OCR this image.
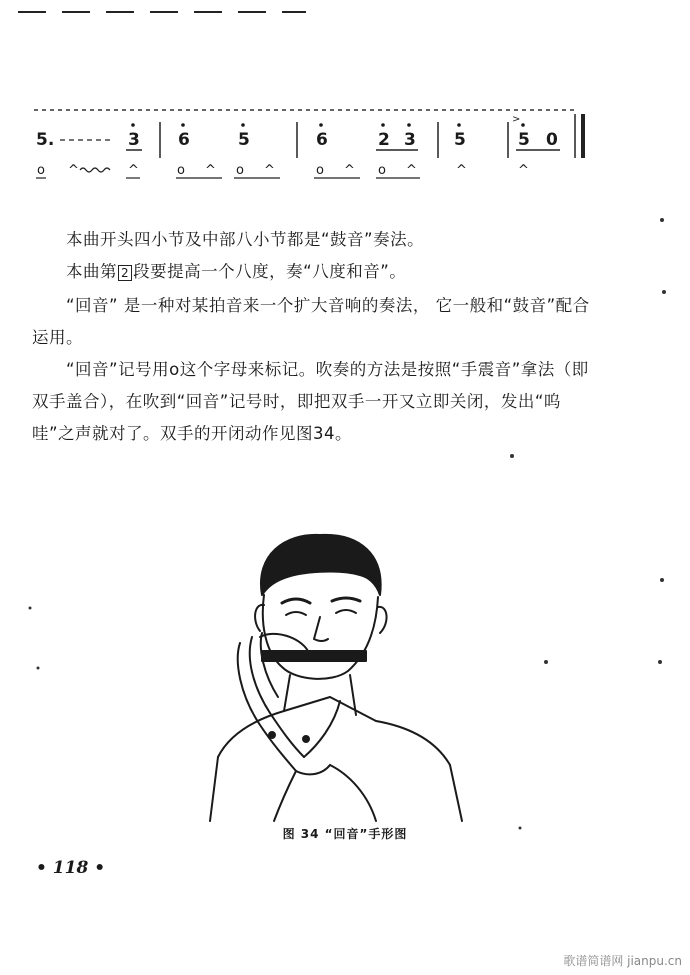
5.	3 6	5	6	2 3 5	5 0
>
o ^	^	o ^ o ^	o ^ o ^	^	^

本曲开头四小节及中部八小节都是“鼓音”奏法。

本曲第 2 段要提高一个八度，奏“八度和音”。

“回音” 是一种对某拍音来一个扩大音响的奏法， 它一般和“鼓音”配合运用。

“回音”记号用o这个字母来标记。吹奏的方法是按照“手震音”拿法（即双手盖合），在吹到“回音”记号时，即把双手一开又立即关闭，发出“呜哇”之声就对了。双手的开闭动作见图34。

图 34 “回音”手形图
• 118 •
歌谱简谱网 jianpu.cn
